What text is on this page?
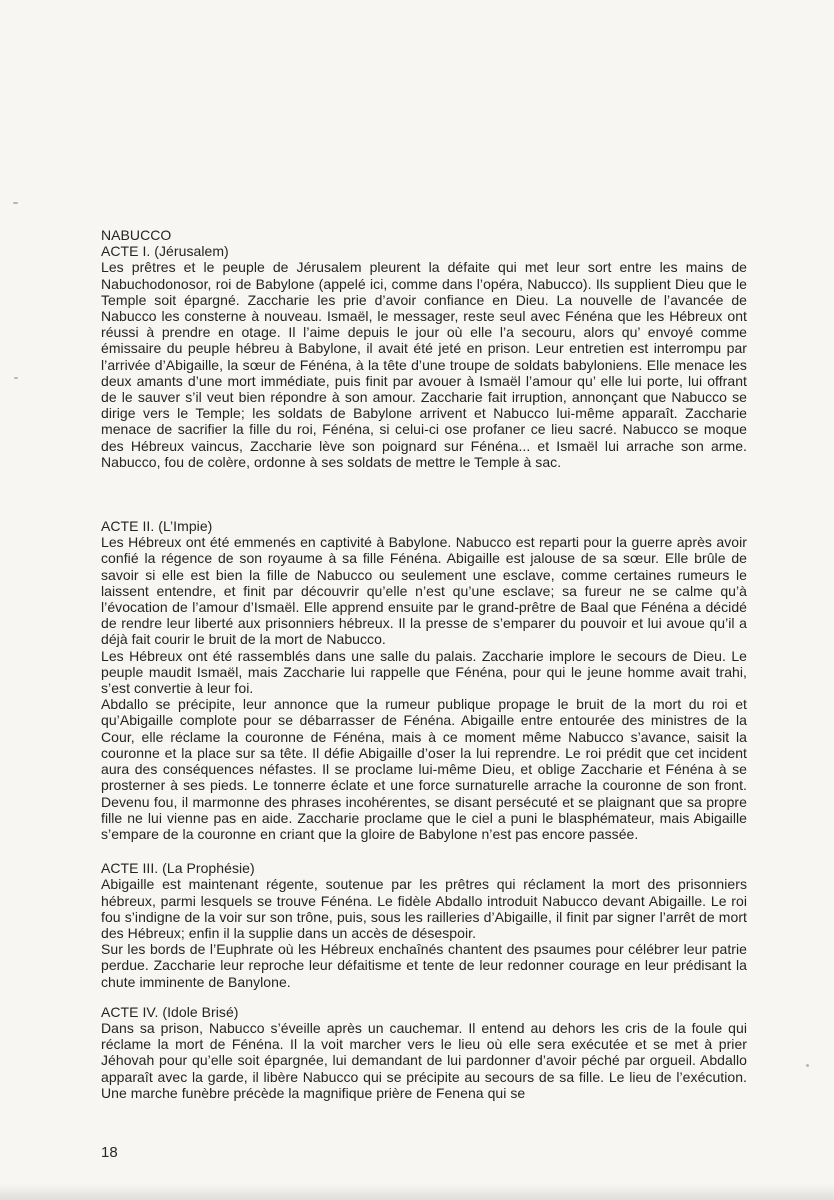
NABUCCO

ACTE I. (Jérusalem)

Les prêtres et le peuple de Jérusalem pleurent la défaite qui met leur sort entre les mains de Nabuchodonosor, roi de Babylone (appelé ici, comme dans l’opéra, Nabucco). Ils supplient Dieu que le Temple soit épargné. Zaccharie les prie d’avoir confiance en Dieu. La nouvelle de l’avancée de Nabucco les consterne à nouveau. Ismaël, le messager, reste seul avec Fénéna que les Hébreux ont réussi à prendre en otage. Il l’aime depuis le jour où elle l’a secouru, alors qu’ envoyé comme émissaire du peuple hébreu à Babylone, il avait été jeté en prison. Leur entretien est interrompu par l’arrivée d’Abigaille, la sœur de Fénéna, à la tête d’une troupe de soldats babyloniens. Elle menace les deux amants d’une mort immédiate, puis finit par avouer à Ismaël l’amour qu’ elle lui porte, lui offrant de le sauver s’il veut bien répondre à son amour. Zaccharie fait irruption, annonçant que Nabucco se dirige vers le Temple; les soldats de Babylone arrivent et Nabucco lui-même apparaît. Zaccharie menace de sacrifier la fille du roi, Fénéna, si celui-ci ose profaner ce lieu sacré. Nabucco se moque des Hébreux vaincus, Zaccharie lève son poignard sur Fénéna... et Ismaël lui arrache son arme. Nabucco, fou de colère, ordonne à ses soldats de mettre le Temple à sac.

ACTE II. (L’Impie)

Les Hébreux ont été emmenés en captivité à Babylone. Nabucco est reparti pour la guerre après avoir confié la régence de son royaume à sa fille Fénéna. Abigaille est jalouse de sa sœur. Elle brûle de savoir si elle est bien la fille de Nabucco ou seulement une esclave, comme certaines rumeurs le laissent entendre, et finit par découvrir qu’elle n’est qu’une esclave; sa fureur ne se calme qu’à l’évocation de l’amour d’Ismaël. Elle apprend ensuite par le grand-prêtre de Baal que Fénéna a décidé de rendre leur liberté aux prisonniers hébreux. Il la presse de s’emparer du pouvoir et lui avoue qu’il a déjà fait courir le bruit de la mort de Nabucco.

Les Hébreux ont été rassemblés dans une salle du palais. Zaccharie implore le secours de Dieu. Le peuple maudit Ismaël, mais Zaccharie lui rappelle que Fénéna, pour qui le jeune homme avait trahi, s’est convertie à leur foi.

Abdallo se précipite, leur annonce que la rumeur publique propage le bruit de la mort du roi et qu’Abigaille complote pour se débarrasser de Fénéna. Abigaille entre entourée des ministres de la Cour, elle réclame la couronne de Fénéna, mais à ce moment même Nabucco s’avance, saisit la couronne et la place sur sa tête. Il défie Abigaille d’oser la lui reprendre. Le roi prédit que cet incident aura des conséquences néfastes. Il se proclame lui-même Dieu, et oblige Zaccharie et Fénéna à se prosterner à ses pieds. Le tonnerre éclate et une force surnaturelle arrache la couronne de son front. Devenu fou, il marmonne des phrases incohérentes, se disant persécuté et se plaignant que sa propre fille ne lui vienne pas en aide. Zaccharie proclame que le ciel a puni le blasphémateur, mais Abigaille s’empare de la couronne en criant que la gloire de Babylone n’est pas encore passée.

ACTE III. (La Prophésie)

Abigaille est maintenant régente, soutenue par les prêtres qui réclament la mort des prisonniers hébreux, parmi lesquels se trouve Fénéna. Le fidèle Abdallo introduit Nabucco devant Abigaille. Le roi fou s’indigne de la voir sur son trône, puis, sous les railleries d’Abigaille, il finit par signer l’arrêt de mort des Hébreux; enfin il la supplie dans un accès de désespoir.

Sur les bords de l’Euphrate où les Hébreux enchaînés chantent des psaumes pour célébrer leur patrie perdue. Zaccharie leur reproche leur défaitisme et tente de leur redonner courage en leur prédisant la chute imminente de Banylone.

ACTE IV. (Idole Brisé)

Dans sa prison, Nabucco s’éveille après un cauchemar. Il entend au dehors les cris de la foule qui réclame la mort de Fénéna. Il la voit marcher vers le lieu où elle sera exécutée et se met à prier Jéhovah pour qu’elle soit épargnée, lui demandant de lui pardonner d’avoir péché par orgueil. Abdallo apparaît avec la garde, il libère Nabucco qui se précipite au secours de sa fille. Le lieu de l’exécution. Une marche funèbre précède la magnifique prière de Fenena qui se

18
